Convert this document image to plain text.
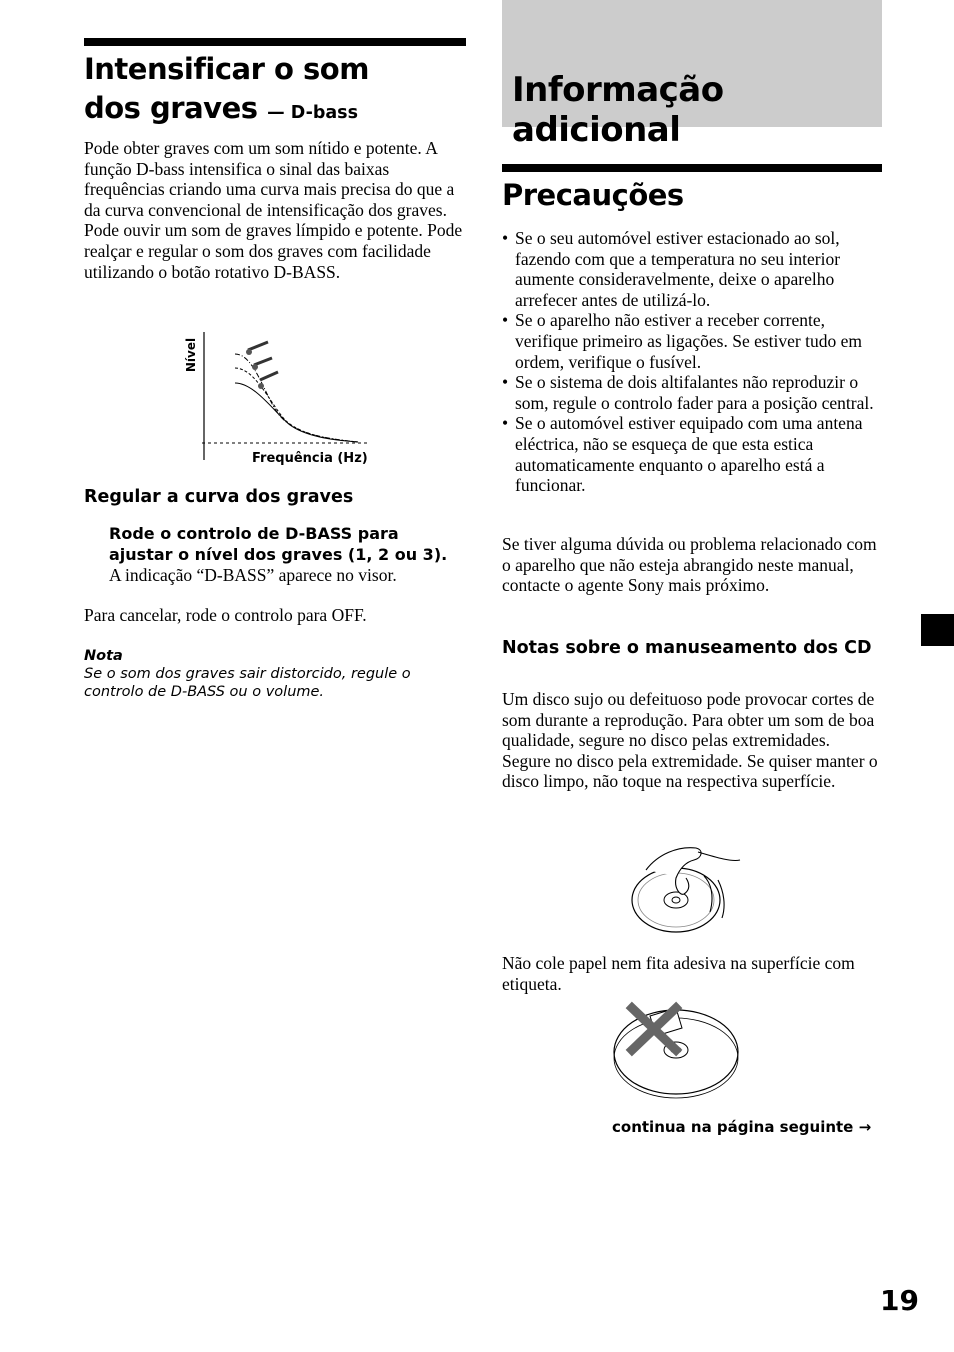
Intensificar o som dos graves — D-bass

Pode obter graves com um som nítido e potente. A função D-bass intensifica o sinal das baixas frequências criando uma curva mais precisa do que a da curva convencional de intensificação dos graves.

Pode ouvir um som de graves límpido e potente. Pode realçar e regular o som dos graves com facilidade utilizando o botão rotativo D-BASS.

Nível
Frequência (Hz)
Regular a curva dos graves

Rode o controlo de D-BASS para ajustar o nível dos graves (1, 2 ou 3).

A indicação “D-BASS” aparece no visor.

Para cancelar, rode o controlo para OFF.

Nota

Se o som dos graves sair distorcido, regule o controlo de D-BASS ou o volume.

Informação adicional
Precauções
• Se o seu automóvel estiver estacionado ao sol, fazendo com que a temperatura no seu interior aumente consideravelmente, deixe o aparelho arrefecer antes de utilizá-lo.
• Se o aparelho não estiver a receber corrente, verifique primeiro as ligações. Se estiver tudo em ordem, verifique o fusível.
• Se o sistema de dois altifalantes não reproduzir o som, regule o controlo fader para a posição central.
• Se o automóvel estiver equipado com uma antena eléctrica, não se esqueça de que esta estica automaticamente enquanto o aparelho está a funcionar.

Se tiver alguma dúvida ou problema relacionado com o aparelho que não esteja abrangido neste manual, contacte o agente Sony mais próximo.

Notas sobre o manuseamento dos CD

Um disco sujo ou defeituoso pode provocar cortes de som durante a reprodução. Para obter um som de boa qualidade, segure no disco pelas extremidades.

Segure no disco pela extremidade. Se quiser manter o disco limpo, não toque na respectiva superfície.

Não cole papel nem fita adesiva na superfície com etiqueta.

continua na página seguinte →
19
